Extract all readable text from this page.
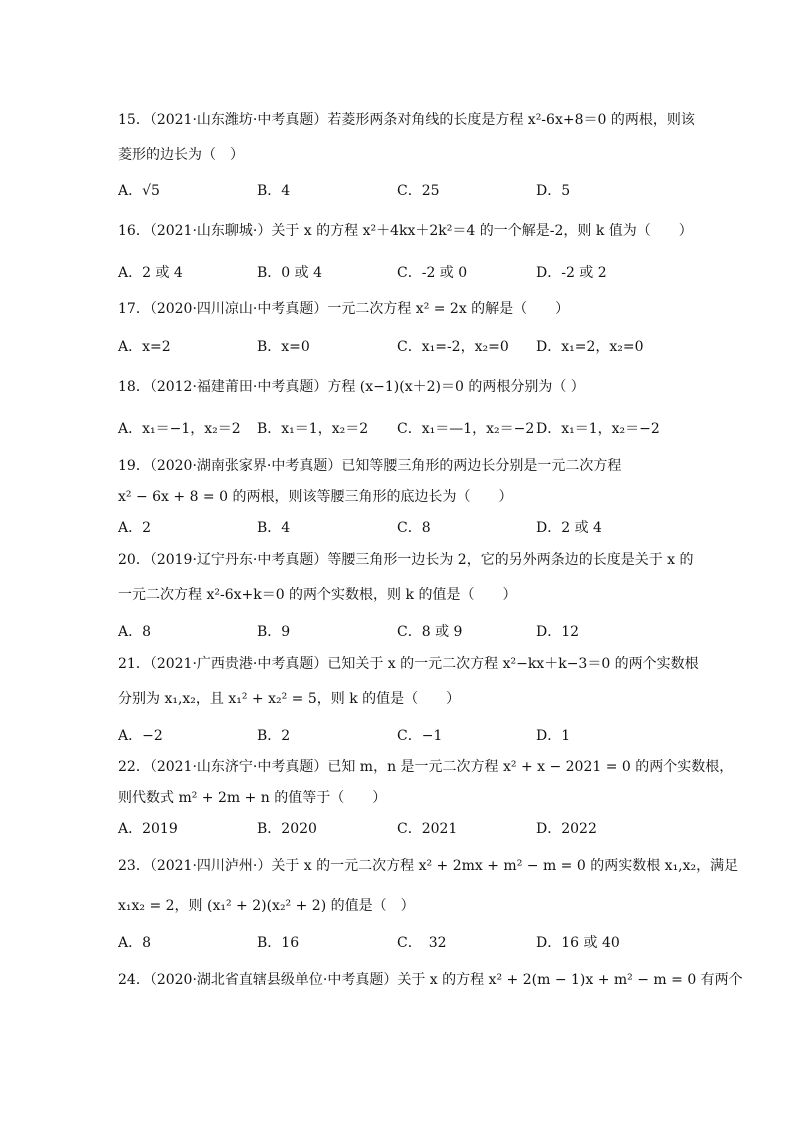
15．（2021·山东潍坊·中考真题）若菱形两条对角线的长度是方程 x²-6x+8＝0 的两根，则该
菱形的边长为（　）
A．√5	B．4	C．25	D．5
16．（2021·山东聊城·）关于 x 的方程 x²＋4kx＋2k²＝4 的一个解是-2，则 k 值为（　　）
A．2 或 4	B．0 或 4	C．-2 或 0	D．-2 或 2
17．（2020·四川凉山·中考真题）一元二次方程 x² = 2x 的解是（　　）
A．x=2	B．x=0	C．x₁=-2，x₂=0 D．x₁=2，x₂=0
18．（2012·福建莆田·中考真题）方程 (x−1)(x＋2)＝0 的两根分别为（ ）
A．x₁＝−1，x₂＝2 B．x₁＝1，x₂＝2 C．x₁＝—1，x₂＝−2 D．x₁＝1，x₂＝−2
19．（2020·湖南张家界·中考真题）已知等腰三角形的两边长分别是一元二次方程
x² − 6x + 8 = 0 的两根，则该等腰三角形的底边长为（　　）
A．2	B．4	C．8	D．2 或 4
20．（2019·辽宁丹东·中考真题）等腰三角形一边长为 2，它的另外两条边的长度是关于 x 的
一元二次方程 x²-6x+k＝0 的两个实数根，则 k 的值是（　　）
A．8	B．9	C．8 或 9	D．12
21．（2021·广西贵港·中考真题）已知关于 x 的一元二次方程 x²−kx＋k−3＝0 的两个实数根
分别为 x₁,x₂，且 x₁² + x₂² = 5，则 k 的值是（　　）
A．−2	B．2	C．−1	D．1
22．（2021·山东济宁·中考真题）已知 m，n 是一元二次方程 x² + x − 2021 = 0 的两个实数根，
则代数式 m² + 2m + n 的值等于（　　）
A．2019	B．2020	C．2021	D．2022
23．（2021·四川泸州·）关于 x 的一元二次方程 x² + 2mx + m² − m = 0 的两实数根 x₁,x₂，满足
x₁x₂ = 2，则 (x₁² + 2)(x₂² + 2) 的值是（　）
A．8	B．16	C．　32	D．16 或 40
24．（2020·湖北省直辖县级单位·中考真题）关于 x 的方程 x² + 2(m − 1)x + m² − m = 0 有两个
